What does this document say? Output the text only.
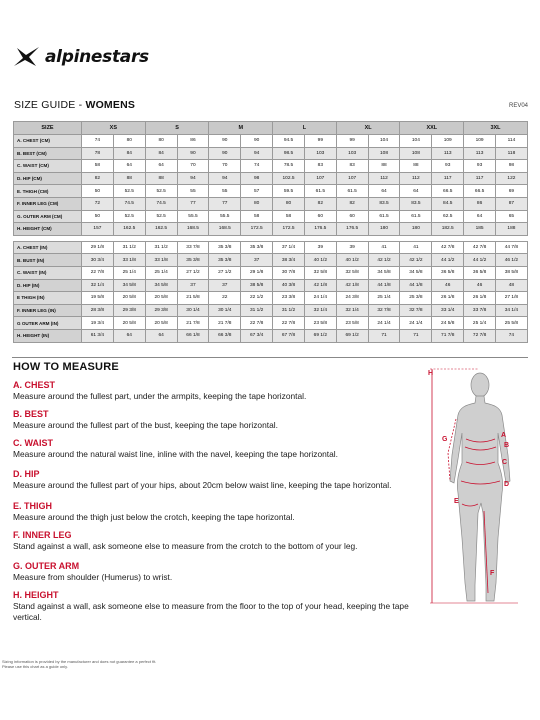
alpinestars
SIZE GUIDE - WOMENS	REV04
SIZE	XS		S		M		L		XL		XXL		3XL	
A. CHEST (CM)	74	80	80	86	90	90	94.5	99	99	104	104	109	109	114	
B. BEST (CM)	78	84	84	90	90	94	98.5	103	103	108	108	113	113	118	
C. WAIST (CM)	58	64	64	70	70	74	78.5	83	83	88	88	93	93	98	
D. HIP (CM)	82	88	88	94	94	98	102.5	107	107	112	112	117	117	122	
E. THIGH (CM)	50	52.5	52.5	55	55	57	59.5	61.5	61.5	64	64	66.5	66.5	69	
F. INNER LEG (CM)	72	74.5	74.5	77	77	80	80	82	82	83.5	83.5	84.5	86	87	
G. OUTER ARM (CM)	50	52.5	52.5	55.5	55.5	58	58	60	60	61.5	61.5	62.5	64	65	
H. HEIGHT (CM)	157	162.5	162.5	168.5	168.5	172.5	172.5	176.5	176.5	180	180	182.5	185	188	

A. CHEST (IN)	29 1/8	31 1/2	31 1/2	33 7/8	35 3/8	35 3/8	37 1/4	39	39	41	41	42 7/8	42 7/8	44 7/8	
B. BUST (IN)	30 3/4	33 1/8	33 1/8	35 3/8	35 3/8	37	38 3/4	40 1/2	40 1/2	42 1/2	42 1/2	44 1/2	44 1/2	46 1/2	
C. WAIST (IN)	22 7/8	25 1/4	25 1/4	27 1/2	27 1/2	29 1/8	30 7/8	32 5/8	32 5/8	34 5/8	34 5/8	36 5/8	36 5/8	38 5/8	
D. HIP (IN)	32 1/4	34 5/8	34 5/8	37	37	38 5/8	40 3/8	42 1/8	42 1/8	44 1/8	44 1/8	46	46	48	
E THIGH (IN)	19 5/8	20 5/8	20 5/8	21 5/8	22	22 1/2	23 3/8	24 1/4	24 3/8	25 1/4	25 3/8	26 1/8	26 1/8	27 1/8	
F. INNER LEG (IN)	28 3/8	29 3/8	29 3/8	30 1/4	30 1/4	31 1/2	31 1/2	32 1/4	32 1/4	32 7/8	32 7/8	33 1/4	33 7/8	34 1/4	
G OUTER ARM (IN)	19 3/4	20 5/8	20 5/8	21 7/8	21 7/8	22 7/8	22 7/8	23 5/8	23 5/8	24 1/4	24 1/4	24 5/8	25 1/4	25 5/8	
H. HEIGHT (IN)	61 3/4	64	64	66 1/8	66 3/8	67 3/4	67 7/8	69 1/2	69 1/2	71	71	71 7/8	72 7/8	74	
HOW TO MEASURE
A. CHEST
Measure around the fullest part, under the armpits, keeping the tape horizontal.
B. BEST
Measure around the fullest part of the bust, keeping the tape horizontal.
C. WAIST
Measure around the natural waist line, inline with the navel, keeping the tape horizontal.
D. HIP
Measure around the fullest part of your hips, about 20cm below waist line, keeping the tape horizontal.
E. THIGH
Measure around the thigh just below the crotch, keeping the tape horizontal.
F. INNER LEG
Stand against a wall, ask someone else to measure from the crotch to the bottom of your leg.
G. OUTER ARM
Measure from shoulder (Humerus) to wrist.
H. HEIGHT
Stand against a wall, ask someone else to measure from the floor to the top of your head, keeping the tape vertical.
H
G
A
B
C
D
E
F
Sizing information is provided by the manufacturer and does not guarantee a perfect fit.
Please use this chart as a guide only.
